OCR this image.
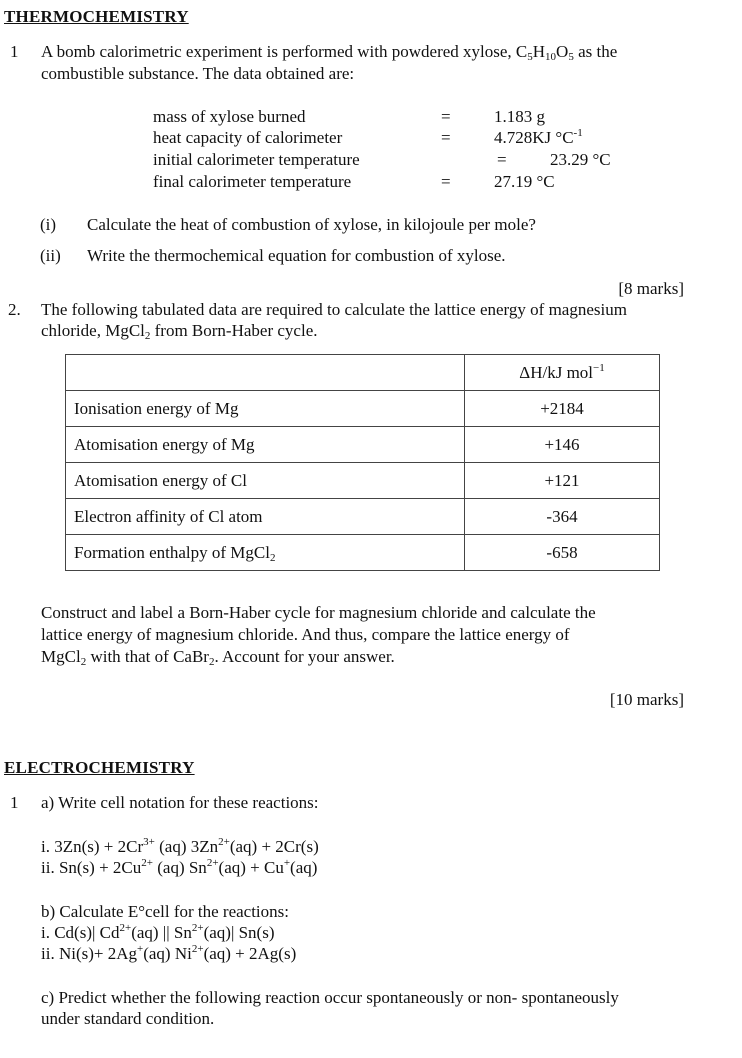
THERMOCHEMISTRY
1 A bomb calorimetric experiment is performed with powdered xylose, $C_5H_{10}O_5$ as the
combustible substance. The data obtained are:
mass of xylose burned	=	1.183 g
heat capacity of calorimeter	=	4.728KJ $^\circ C^{-1}$
initial calorimeter temperature	=	23.29 °C
final calorimeter temperature	=	27.19 °C
(i) Calculate the heat of combustion of xylose, in kilojoule per mole?
(ii) Write the thermochemical equation for combustion of xylose.
[8 marks]
2. The following tabulated data are required to calculate the lattice energy of magnesium
chloride, MgCl$_2$ from Born-Haber cycle.
	ΔH/kJ mol$^{-1}$
Ionisation energy of Mg	+2184
Atomisation energy of Mg	+146
Atomisation energy of Cl	+121
Electron affinity of Cl atom	-364
Formation enthalpy of MgCl$_2$	-658
Construct and label a Born-Haber cycle for magnesium chloride and calculate the
lattice energy of magnesium chloride. And thus, compare the lattice energy of
MgCl$_2$ with that of CaBr$_2$. Account for your answer.
[10 marks]
ELECTROCHEMISTRY
1 a) Write cell notation for these reactions:
i. $3Zn(s) + 2Cr^{3+}$ (aq) $3Zn^{2+}(aq) + 2Cr(s)$
ii. $Sn(s) + 2Cu^{2+}$ (aq) $Sn^{2+}(aq) + Cu^+(aq)$
b) Calculate E°cell for the reactions:
i. Cd(s)| $Cd^{2+}(aq)$ || $Sn^{2+}(aq)|$ Sn(s)
ii. Ni(s)+ 2Ag+(aq) $Ni^{2+}(aq) + 2Ag(s)$
c) Predict whether the following reaction occur spontaneously or non- spontaneously
under standard condition.
